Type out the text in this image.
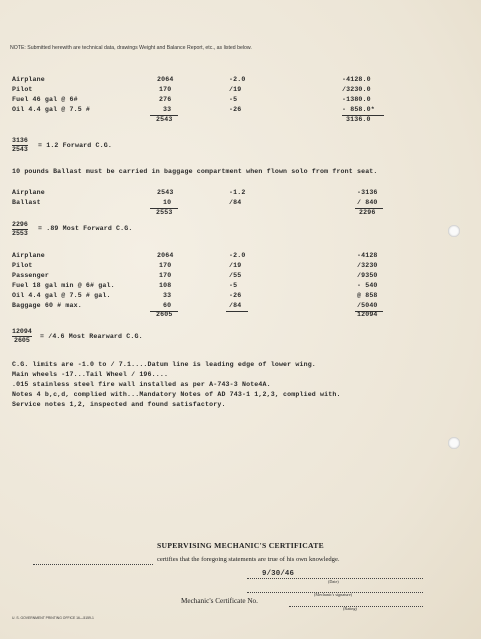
NOTE: Submitted herewith are technical data, drawings Weight and Balance Report, etc., as listed below.
Airplane	2064	-2.0	-4128.0
Pilot	170	/19	/3230.0
Fuel 46 gal @ 6#	276	-5	-1380.0
Oil 4.4 gal @ 7.5 #	33	-26	- 858.0*
2543	3136.0
$\frac{3136}{2543} = 1.2$ Forward C.G.
10 pounds Ballast must be carried in baggage compartment when flown solo from front seat.
Airplane	2543	-1.2	-3136
Ballast	10	/84	/ 840
2553	2296
$\frac{2296}{2553} = .89$ Most Forward C.G.
Airplane	2064	-2.0	-4128
Pilot	170	/19	/3230
Passenger	170	/55	/9350
Fuel 18 gal min @ 6# gal.	108	-5	- 540
Oil 4.4 gal @ 7.5 # gal.	33	-26	@ 858
Baggage 60 # max.	60	/84	/5040
2605	12094
$\frac{12094}{2605} = /4.6$ Most Rearward C.G.
C.G. limits are -1.0 to / 7.1....Datum line is leading edge of lower wing.
Main wheels -17...Tail Wheel / 196....
.015 stainless steel fire wall installed as per A-743-3 Note4A.
Notes 4 b,c,d, complied with...Mandatory Notes of AD 743-1 1,2,3, complied with.
Service notes 1,2, inspected and found satisfactory.
SUPERVISING MECHANIC'S CERTIFICATE
certifies that the foregoing statements are true of his own knowledge.
9/30/46
(Date)
(Mechanic's signature)
Mechanic's Certificate No.
(Rating)
U. S. GOVERNMENT PRINTING OFFICE 16—5159-1
